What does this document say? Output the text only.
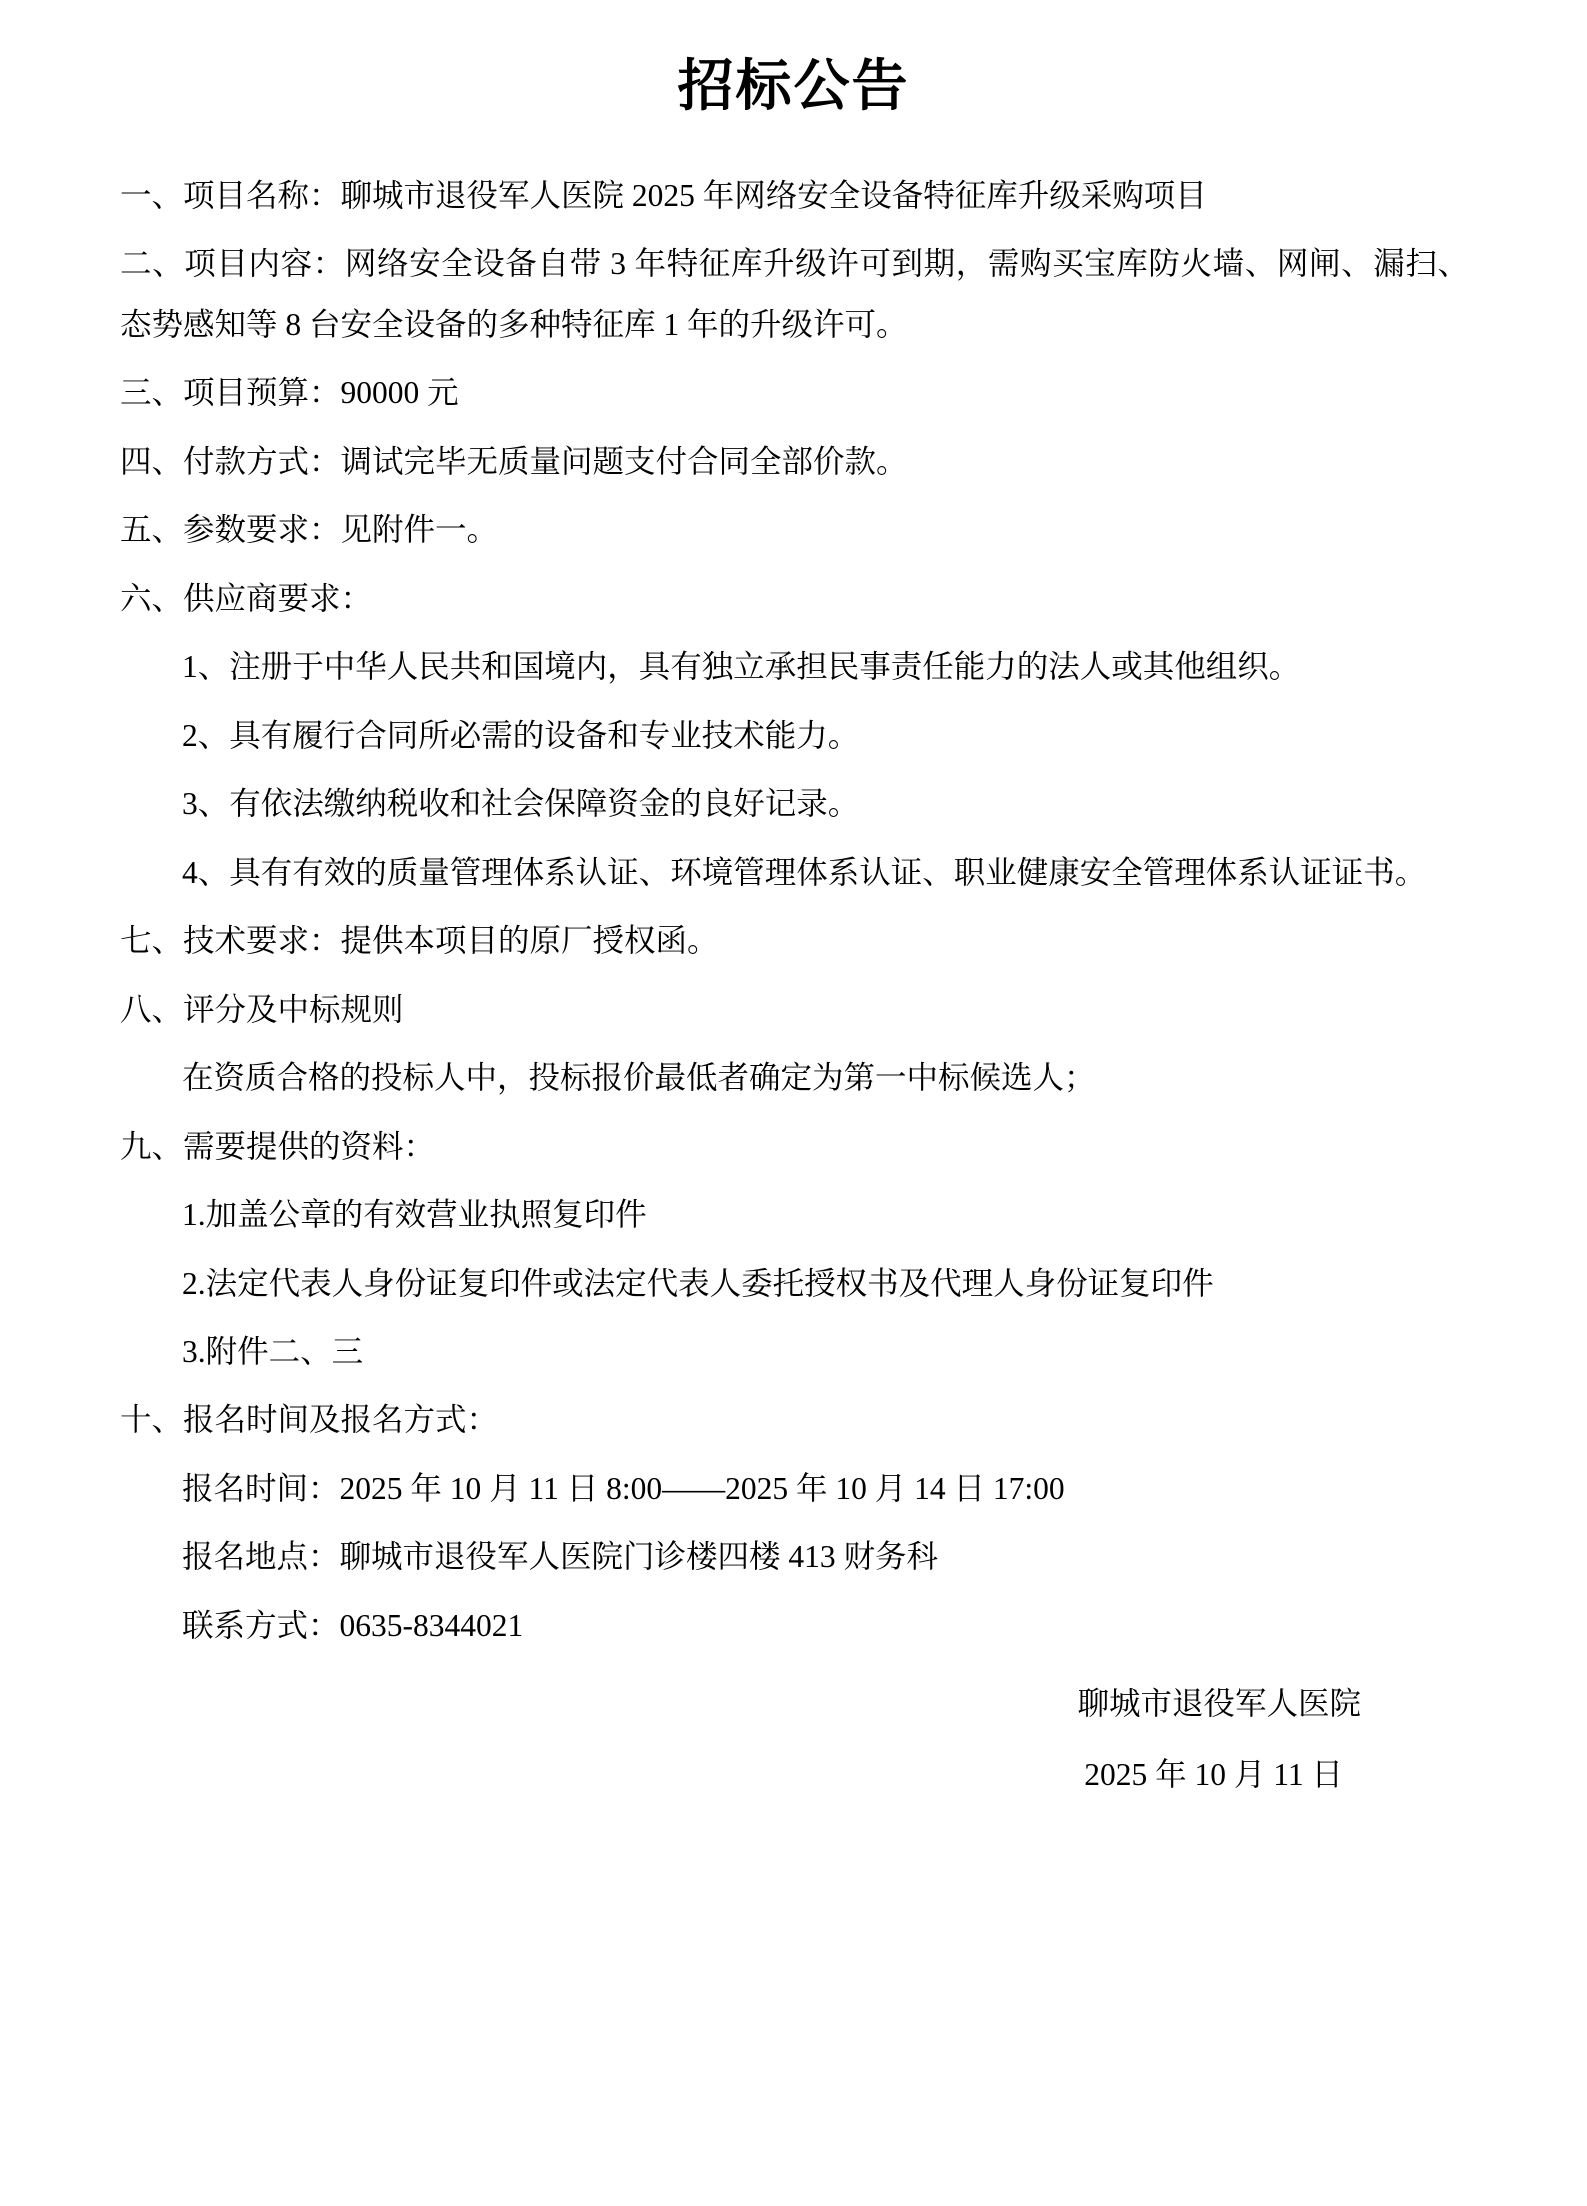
招标公告

一、项目名称：聊城市退役军人医院 2025 年网络安全设备特征库升级采购项目

二、项目内容：网络安全设备自带 3 年特征库升级许可到期，需购买宝库防火墙、网闸、漏扫、态势感知等 8 台安全设备的多种特征库 1 年的升级许可。

三、项目预算：90000 元

四、付款方式：调试完毕无质量问题支付合同全部价款。

五、参数要求：见附件一。

六、供应商要求：

1、注册于中华人民共和国境内，具有独立承担民事责任能力的法人或其他组织。

2、具有履行合同所必需的设备和专业技术能力。

3、有依法缴纳税收和社会保障资金的良好记录。

4、具有有效的质量管理体系认证、环境管理体系认证、职业健康安全管理体系认证证书。

七、技术要求：提供本项目的原厂授权函。

八、评分及中标规则

在资质合格的投标人中，投标报价最低者确定为第一中标候选人；

九、需要提供的资料：

1.加盖公章的有效营业执照复印件

2.法定代表人身份证复印件或法定代表人委托授权书及代理人身份证复印件

3.附件二、三

十、报名时间及报名方式：

报名时间：2025 年 10 月 11 日 8:00——2025 年 10 月 14 日 17:00

报名地点：聊城市退役军人医院门诊楼四楼 413 财务科

联系方式：0635-8344021

聊城市退役军人医院

2025 年 10 月 11 日
